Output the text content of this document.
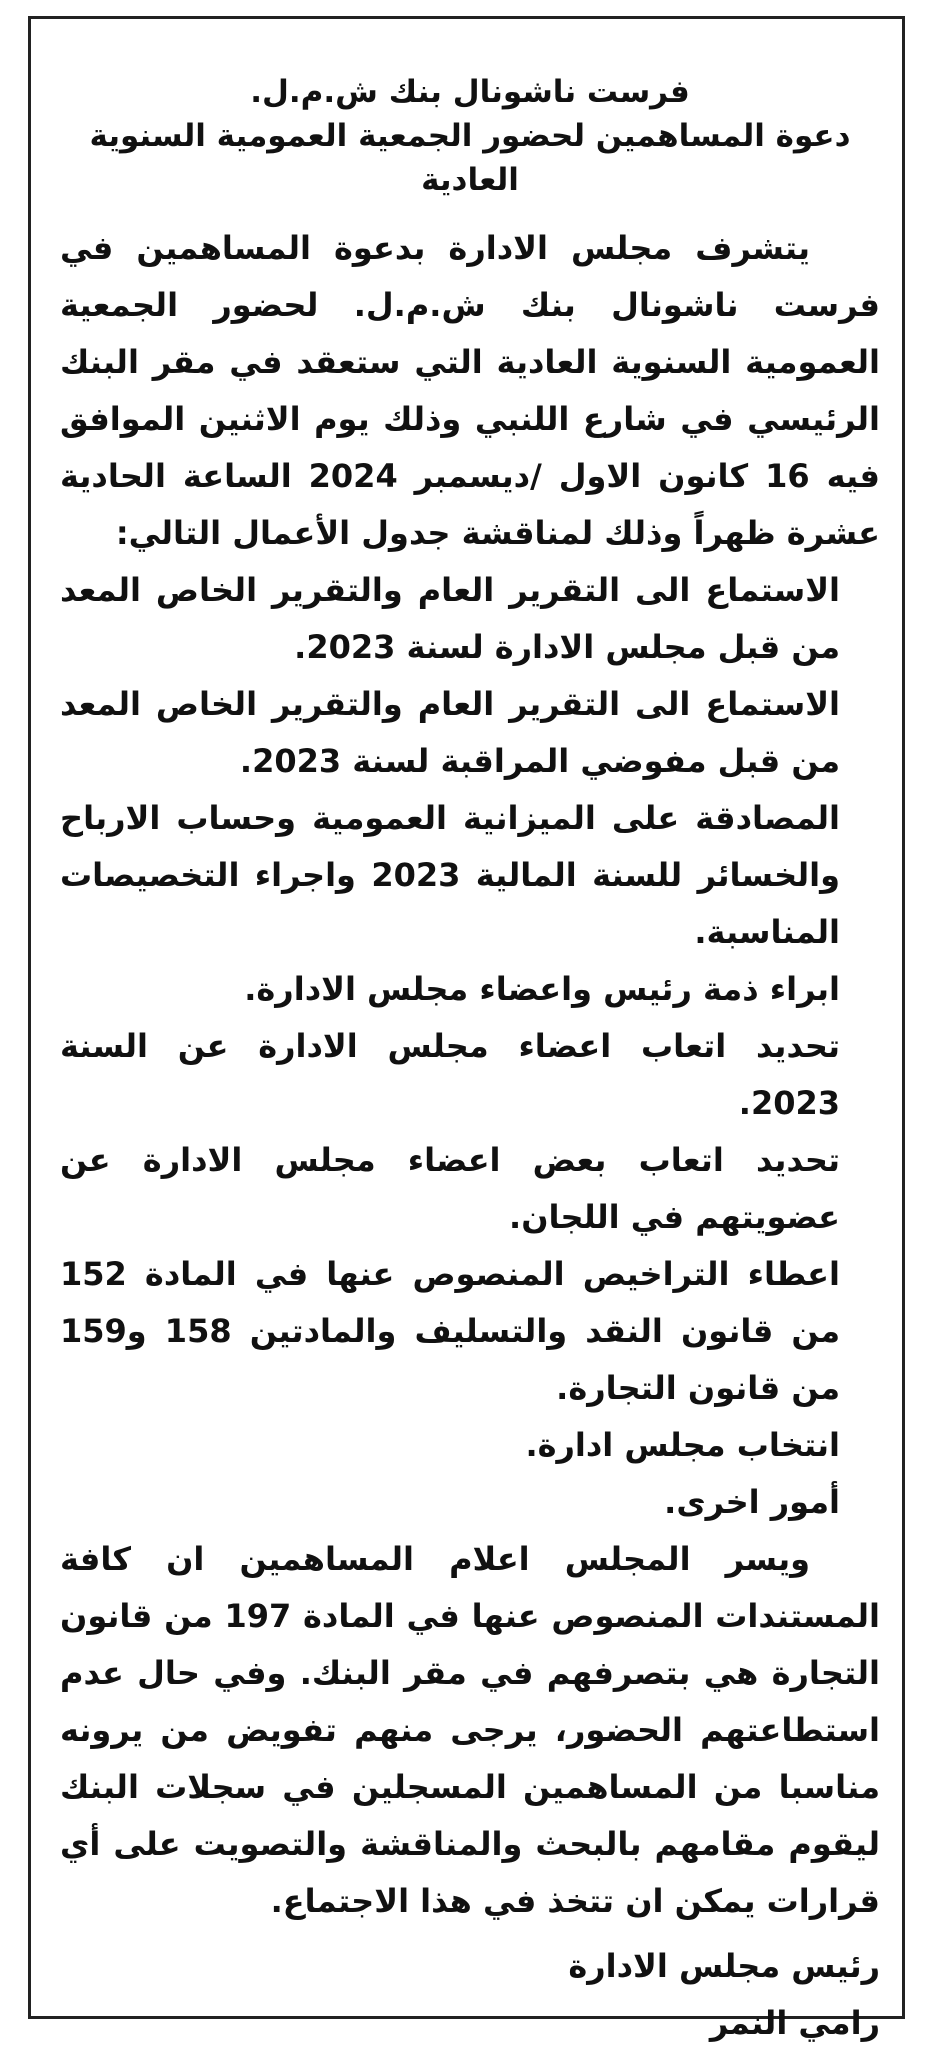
فرست ناشونال بنك ش.م.ل.

دعوة المساهمين لحضور الجمعية العمومية السنوية العادية

يتشرف مجلس الادارة بدعوة المساهمين في فرست ناشونال بنك ش.م.ل. لحضور الجمعية العمومية السنوية العادية التي ستعقد في مقر البنك الرئيسي في شارع اللنبي وذلك يوم الاثنين الموافق فيه 16 كانون الاول /ديسمبر 2024 الساعة الحادية عشرة ظهراً وذلك لمناقشة جدول الأعمال التالي:

الاستماع الى التقرير العام والتقرير الخاص المعد من قبل مجلس الادارة لسنة 2023.

الاستماع الى التقرير العام والتقرير الخاص المعد من قبل مفوضي المراقبة لسنة 2023.

المصادقة على الميزانية العمومية وحساب الارباح والخسائر للسنة المالية 2023 واجراء التخصيصات المناسبة.

ابراء ذمة رئيس واعضاء مجلس الادارة.

تحديد اتعاب اعضاء مجلس الادارة عن السنة 2023.

تحديد اتعاب بعض اعضاء مجلس الادارة عن عضويتهم في اللجان.

اعطاء التراخيص المنصوص عنها في المادة 152 من قانون النقد والتسليف والمادتين 158 و159 من قانون التجارة.

انتخاب مجلس ادارة.

أمور اخرى.

ويسر المجلس اعلام المساهمين ان كافة المستندات المنصوص عنها في المادة 197 من قانون التجارة هي بتصرفهم في مقر البنك. وفي حال عدم استطاعتهم الحضور، يرجى منهم تفويض من يرونه مناسبا من المساهمين المسجلين في سجلات البنك ليقوم مقامهم بالبحث والمناقشة والتصويت على أي قرارات يمكن ان تتخذ في هذا الاجتماع.

رئيس مجلس الادارة
رامي النمر
